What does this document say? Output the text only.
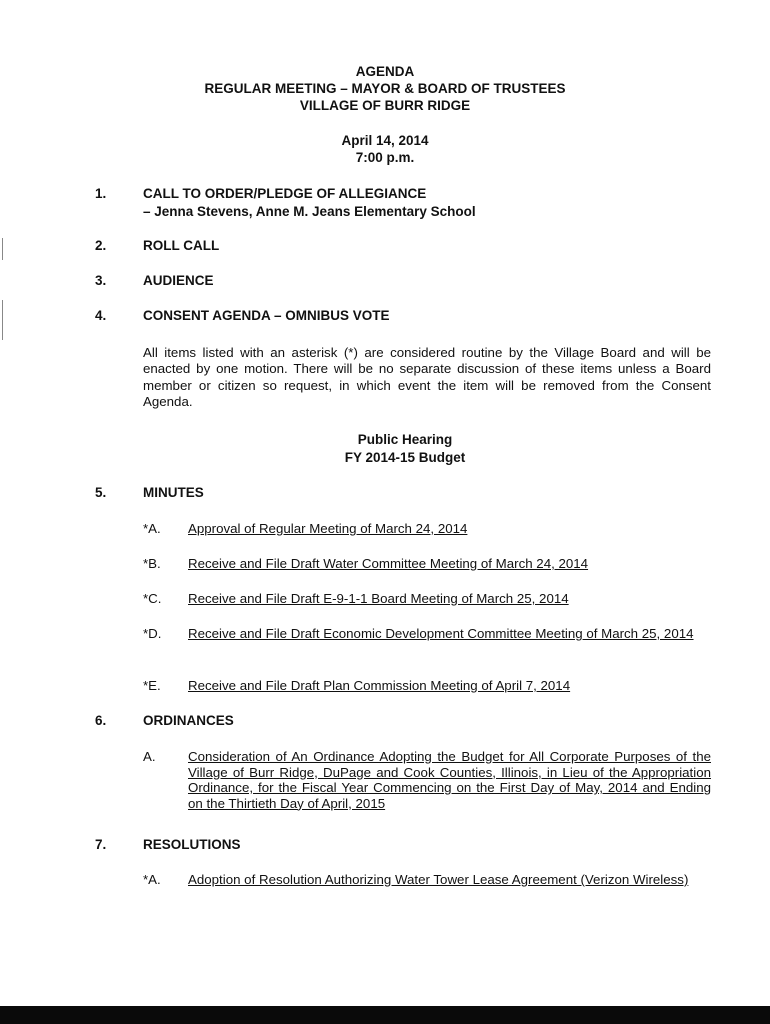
AGENDA
REGULAR MEETING – MAYOR & BOARD OF TRUSTEES
VILLAGE OF BURR RIDGE
April 14, 2014
7:00 p.m.
1.	CALL TO ORDER/PLEDGE OF ALLEGIANCE
– Jenna Stevens, Anne M. Jeans Elementary School
2.	ROLL CALL
3.	AUDIENCE
4.	CONSENT AGENDA – OMNIBUS VOTE
All items listed with an asterisk (*) are considered routine by the Village Board and will be enacted by one motion. There will be no separate discussion of these items unless a Board member or citizen so request, in which event the item will be removed from the Consent Agenda.
Public Hearing
FY 2014-15 Budget
5.	MINUTES
*A. Approval of Regular Meeting of March 24, 2014
*B. Receive and File Draft Water Committee Meeting of March 24, 2014
*C. Receive and File Draft E-9-1-1 Board Meeting of March 25, 2014
*D. Receive and File Draft Economic Development Committee Meeting of March 25, 2014
*E. Receive and File Draft Plan Commission Meeting of April 7, 2014
6.	ORDINANCES
A. Consideration of An Ordinance Adopting the Budget for All Corporate Purposes of the Village of Burr Ridge, DuPage and Cook Counties, Illinois, in Lieu of the Appropriation Ordinance, for the Fiscal Year Commencing on the First Day of May, 2014 and Ending on the Thirtieth Day of April, 2015
7.	RESOLUTIONS
*A. Adoption of Resolution Authorizing Water Tower Lease Agreement (Verizon Wireless)
